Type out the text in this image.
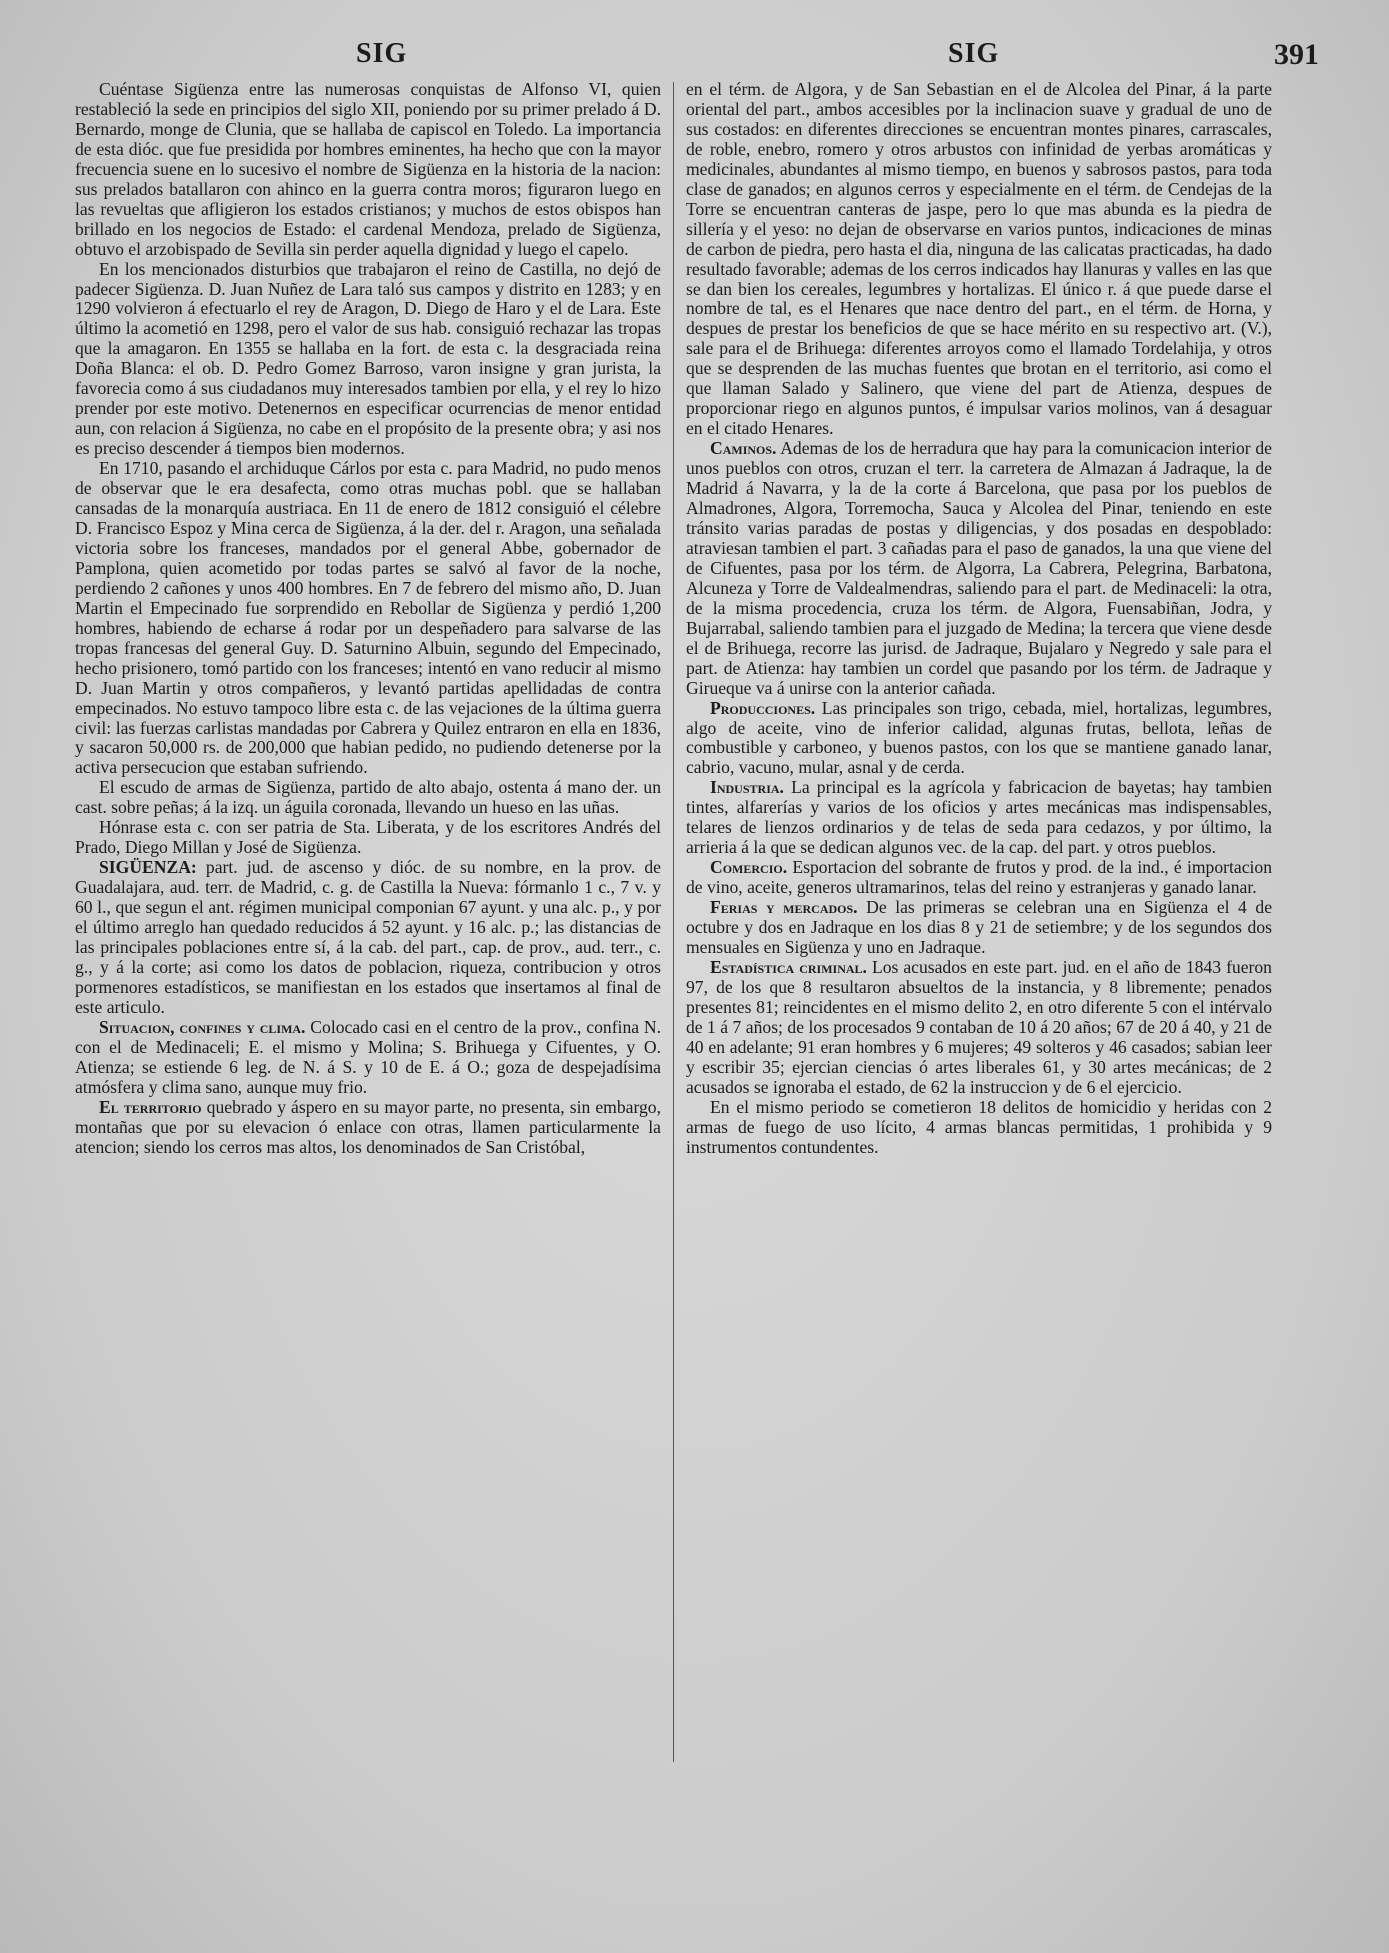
SIG	SIG	391

Cuéntase Sigüenza entre las numerosas conquistas de Alfonso VI, quien restableció la sede en principios del siglo XII, poniendo por su primer prelado á D. Bernardo, monge de Clunia, que se hallaba de capiscol en Toledo. La importancia de esta dióc. que fue presidida por hombres eminentes, ha hecho que con la mayor frecuencia suene en lo sucesivo el nombre de Sigüenza en la historia de la nacion: sus prelados batallaron con ahinco en la guerra contra moros; figuraron luego en las revueltas que afligieron los estados cristianos; y muchos de estos obispos han brillado en los negocios de Estado: el cardenal Mendoza, prelado de Sigüenza, obtuvo el arzobispado de Sevilla sin perder aquella dignidad y luego el capelo.

En los mencionados disturbios que trabajaron el reino de Castilla, no dejó de padecer Sigüenza. D. Juan Nuñez de Lara taló sus campos y distrito en 1283; y en 1290 volvieron á efectuarlo el rey de Aragon, D. Diego de Haro y el de Lara. Este último la acometió en 1298, pero el valor de sus hab. consiguió rechazar las tropas que la amagaron. En 1355 se hallaba en la fort. de esta c. la desgraciada reina Doña Blanca: el ob. D. Pedro Gomez Barroso, varon insigne y gran jurista, la favorecia como á sus ciudadanos muy interesados tambien por ella, y el rey lo hizo prender por este motivo. Detenernos en especificar ocurrencias de menor entidad aun, con relacion á Sigüenza, no cabe en el propósito de la presente obra; y asi nos es preciso descender á tiempos bien modernos.

En 1710, pasando el archiduque Cárlos por esta c. para Madrid, no pudo menos de observar que le era desafecta, como otras muchas pobl. que se hallaban cansadas de la monarquía austriaca. En 11 de enero de 1812 consiguió el célebre D. Francisco Espoz y Mina cerca de Sigüenza, á la der. del r. Aragon, una señalada victoria sobre los franceses, mandados por el general Abbe, gobernador de Pamplona, quien acometido por todas partes se salvó al favor de la noche, perdiendo 2 cañones y unos 400 hombres. En 7 de febrero del mismo año, D. Juan Martin el Empecinado fue sorprendido en Rebollar de Sigüenza y perdió 1,200 hombres, habiendo de echarse á rodar por un despeñadero para salvarse de las tropas francesas del general Guy. D. Saturnino Albuin, segundo del Empecinado, hecho prisionero, tomó partido con los franceses; intentó en vano reducir al mismo D. Juan Martin y otros compañeros, y levantó partidas apellidadas de contra empecinados. No estuvo tampoco libre esta c. de las vejaciones de la última guerra civil: las fuerzas carlistas mandadas por Cabrera y Quilez entraron en ella en 1836, y sacaron 50,000 rs. de 200,000 que habian pedido, no pudiendo detenerse por la activa persecucion que estaban sufriendo.

El escudo de armas de Sigüenza, partido de alto abajo, ostenta á mano der. un cast. sobre peñas; á la izq. un águila coronada, llevando un hueso en las uñas.

Hónrase esta c. con ser patria de Sta. Liberata, y de los escritores Andrés del Prado, Diego Millan y José de Sigüenza.

SIGÜENZA: part. jud. de ascenso y dióc. de su nombre, en la prov. de Guadalajara, aud. terr. de Madrid, c. g. de Castilla la Nueva: fórmanlo 1 c., 7 v. y 60 l., que segun el ant. régimen municipal componian 67 ayunt. y una alc. p., y por el último arreglo han quedado reducidos á 52 ayunt. y 16 alc. p.; las distancias de las principales poblaciones entre sí, á la cab. del part., cap. de prov., aud. terr., c. g., y á la corte; asi como los datos de poblacion, riqueza, contribucion y otros pormenores estadísticos, se manifiestan en los estados que insertamos al final de este articulo.

Situacion, confines y clima. Colocado casi en el centro de la prov., confina N. con el de Medinaceli; E. el mismo y Molina; S. Brihuega y Cifuentes, y O. Atienza; se estiende 6 leg. de N. á S. y 10 de E. á O.; goza de despejadísima atmósfera y clima sano, aunque muy frio.

El territorio quebrado y áspero en su mayor parte, no presenta, sin embargo, montañas que por su elevacion ó enlace con otras, llamen particularmente la atencion; siendo los cerros mas altos, los denominados de San Cristóbal,

en el térm. de Algora, y de San Sebastian en el de Alcolea del Pinar, á la parte oriental del part., ambos accesibles por la inclinacion suave y gradual de uno de sus costados: en diferentes direcciones se encuentran montes pinares, carrascales, de roble, enebro, romero y otros arbustos con infinidad de yerbas aromáticas y medicinales, abundantes al mismo tiempo, en buenos y sabrosos pastos, para toda clase de ganados; en algunos cerros y especialmente en el térm. de Cendejas de la Torre se encuentran canteras de jaspe, pero lo que mas abunda es la piedra de sillería y el yeso: no dejan de observarse en varios puntos, indicaciones de minas de carbon de piedra, pero hasta el dia, ninguna de las calicatas practicadas, ha dado resultado favorable; ademas de los cerros indicados hay llanuras y valles en las que se dan bien los cereales, legumbres y hortalizas. El único r. á que puede darse el nombre de tal, es el Henares que nace dentro del part., en el térm. de Horna, y despues de prestar los beneficios de que se hace mérito en su respectivo art. (V.), sale para el de Brihuega: diferentes arroyos como el llamado Tordelahija, y otros que se desprenden de las muchas fuentes que brotan en el territorio, asi como el que llaman Salado y Salinero, que viene del part de Atienza, despues de proporcionar riego en algunos puntos, é impulsar varios molinos, van á desaguar en el citado Henares.

Caminos. Ademas de los de herradura que hay para la comunicacion interior de unos pueblos con otros, cruzan el terr. la carretera de Almazan á Jadraque, la de Madrid á Navarra, y la de la corte á Barcelona, que pasa por los pueblos de Almadrones, Algora, Torremocha, Sauca y Alcolea del Pinar, teniendo en este tránsito varias paradas de postas y diligencias, y dos posadas en despoblado: atraviesan tambien el part. 3 cañadas para el paso de ganados, la una que viene del de Cifuentes, pasa por los térm. de Algorra, La Cabrera, Pelegrina, Barbatona, Alcuneza y Torre de Valdealmendras, saliendo para el part. de Medinaceli: la otra, de la misma procedencia, cruza los térm. de Algora, Fuensabiñan, Jodra, y Bujarrabal, saliendo tambien para el juzgado de Medina; la tercera que viene desde el de Brihuega, recorre las jurisd. de Jadraque, Bujalaro y Negredo y sale para el part. de Atienza: hay tambien un cordel que pasando por los térm. de Jadraque y Girueque va á unirse con la anterior cañada.

Producciones. Las principales son trigo, cebada, miel, hortalizas, legumbres, algo de aceite, vino de inferior calidad, algunas frutas, bellota, leñas de combustible y carboneo, y buenos pastos, con los que se mantiene ganado lanar, cabrio, vacuno, mular, asnal y de cerda.

Industria. La principal es la agrícola y fabricacion de bayetas; hay tambien tintes, alfarerías y varios de los oficios y artes mecánicas mas indispensables, telares de lienzos ordinarios y de telas de seda para cedazos, y por último, la arrieria á la que se dedican algunos vec. de la cap. del part. y otros pueblos.

Comercio. Esportacion del sobrante de frutos y prod. de la ind., é importacion de vino, aceite, generos ultramarinos, telas del reino y estranjeras y ganado lanar.

Ferias y mercados. De las primeras se celebran una en Sigüenza el 4 de octubre y dos en Jadraque en los dias 8 y 21 de setiembre; y de los segundos dos mensuales en Sigüenza y uno en Jadraque.

Estadística criminal. Los acusados en este part. jud. en el año de 1843 fueron 97, de los que 8 resultaron absueltos de la instancia, y 8 libremente; penados presentes 81; reincidentes en el mismo delito 2, en otro diferente 5 con el intérvalo de 1 á 7 años; de los procesados 9 contaban de 10 á 20 años; 67 de 20 á 40, y 21 de 40 en adelante; 91 eran hombres y 6 mujeres; 49 solteros y 46 casados; sabian leer y escribir 35; ejercian ciencias ó artes liberales 61, y 30 artes mecánicas; de 2 acusados se ignoraba el estado, de 62 la instruccion y de 6 el ejercicio.

En el mismo periodo se cometieron 18 delitos de homicidio y heridas con 2 armas de fuego de uso lícito, 4 armas blancas permitidas, 1 prohibida y 9 instrumentos contundentes.
